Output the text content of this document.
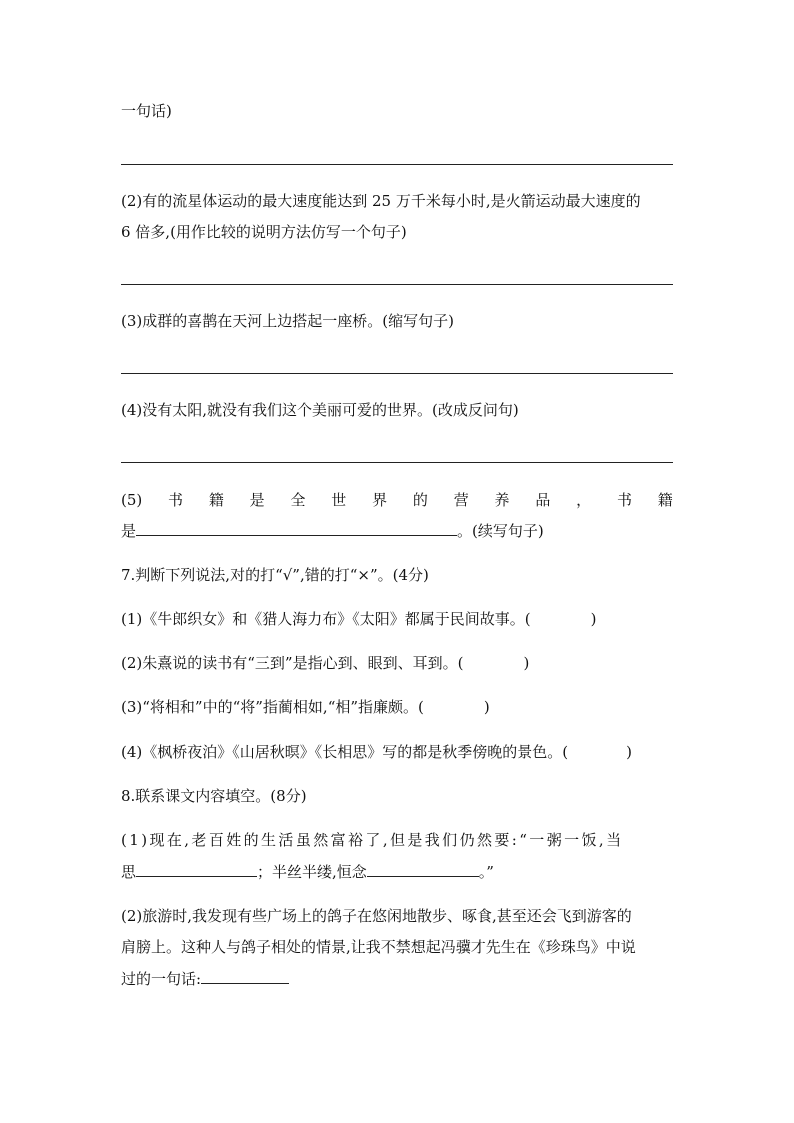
一句话)
(2)有的流星体运动的最大速度能达到 25 万千米每小时,是火箭运动最大速度的
6 倍多,(用作比较的说明方法仿写一个句子)
(3)成群的喜鹊在天河上边搭起一座桥。(缩写句子)
(4)没有太阳,就没有我们这个美丽可爱的世界。(改成反问句)
(5) 书 籍 是 全 世 界 的 营 养 品 ， 书 籍
是	。(续写句子)
7.判断下列说法,对的打“√”,错的打“×”。(4分)
(1)《牛郎织女》和《猎人海力布》《太阳》都属于民间故事。(	)
(2)朱熹说的读书有“三到”是指心到、眼到、耳到。(	)
(3)“将相和”中的“将”指蔺相如,“相”指廉颇。(	)
(4)《枫桥夜泊》《山居秋暝》《长相思》写的都是秋季傍晚的景色。(	)
8.联系课文内容填空。(8分)
(1)现在,老百姓的生活虽然富裕了,但是我们仍然要:“一粥一饭,当
思	；半丝半缕,恒念	。”
(2)旅游时,我发现有些广场上的鸽子在悠闲地散步、啄食,甚至还会飞到游客的
肩膀上。这种人与鸽子相处的情景,让我不禁想起冯骥才先生在《珍珠鸟》中说
过的一句话:
